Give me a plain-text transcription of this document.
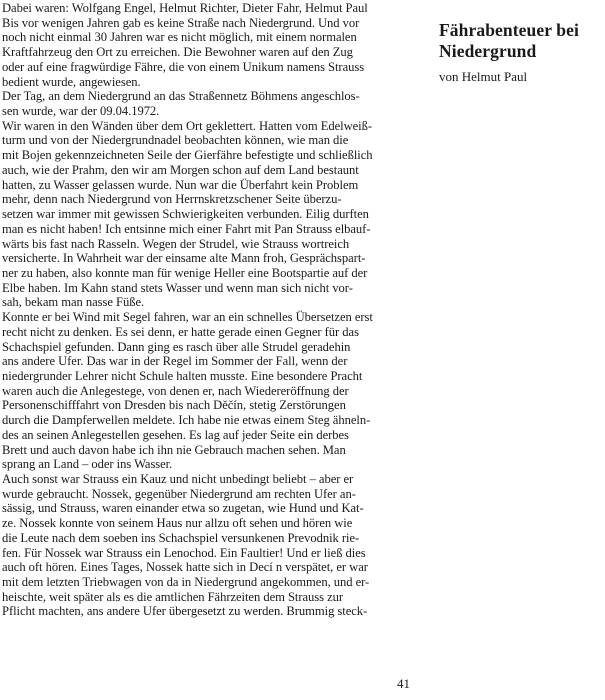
Dabei waren: Wolfgang Engel, Helmut Richter, Dieter Fahr, Helmut Paul
Bis vor wenigen Jahren gab es keine Straße nach Niedergrund. Und vor
noch nicht einmal 30 Jahren war es nicht möglich, mit einem normalen
Kraftfahrzeug den Ort zu erreichen. Die Bewohner waren auf den Zug
oder auf eine fragwürdige Fähre, die von einem Unikum namens Strauss
bedient wurde, angewiesen.
Der Tag, an dem Niedergrund an das Straßennetz Böhmens angeschlos-
sen wurde, war der 09.04.1972.
Wir waren in den Wänden über dem Ort geklettert. Hatten vom Edelweiß-
turm und von der Niedergrundnadel beobachten können, wie man die
mit Bojen gekennzeichneten Seile der Gierfähre befestigte und schließlich
auch, wie der Prahm, den wir am Morgen schon auf dem Land bestaunt
hatten, zu Wasser gelassen wurde. Nun war die Überfahrt kein Problem
mehr, denn nach Niedergrund von Herrnskretzschener Seite überzu-
setzen war immer mit gewissen Schwierigkeiten verbunden. Eilig durften
man es nicht haben! Ich entsinne mich einer Fahrt mit Pan Strauss elbauf-
wärts bis fast nach Rasseln. Wegen der Strudel, wie Strauss wortreich
versicherte. In Wahrheit war der einsame alte Mann froh, Gesprächspart-
ner zu haben, also konnte man für wenige Heller eine Bootspartie auf der
Elbe haben. Im Kahn stand stets Wasser und wenn man sich nicht vor-
sah, bekam man nasse Füße.
Konnte er bei Wind mit Segel fahren, war an ein schnelles Übersetzen erst
recht nicht zu denken. Es sei denn, er hatte gerade einen Gegner für das
Schachspiel gefunden. Dann ging es rasch über alle Strudel geradehin
ans andere Ufer. Das war in der Regel im Sommer der Fall, wenn der
niedergrunder Lehrer nicht Schule halten musste. Eine besondere Pracht
waren auch die Anlegestege, von denen er, nach Wiedereröffnung der
Personenschifffahrt von Dresden bis nach Děčín, stetig Zerstörungen
durch die Dampferwellen meldete. Ich habe nie etwas einem Steg ähneln-
des an seinen Anlegestellen gesehen. Es lag auf jeder Seite ein derbes
Brett und auch davon habe ich ihn nie Gebrauch machen sehen. Man
sprang an Land – oder ins Wasser.
Auch sonst war Strauss ein Kauz und nicht unbedingt beliebt – aber er
wurde gebraucht. Nossek, gegenüber Niedergrund am rechten Ufer an-
sässig, und Strauss, waren einander etwa so zugetan, wie Hund und Kat-
ze. Nossek konnte von seinem Haus nur allzu oft sehen und hören wie
die Leute nach dem soeben ins Schachspiel versunkenen Prevodnik rie-
fen. Für Nossek war Strauss ein Lenochod. Ein Faultier! Und er ließ dies
auch oft hören. Eines Tages, Nossek hatte sich in Decí n verspätet, er war
mit dem letzten Triebwagen von da in Niedergrund angekommen, und er-
heischte, weit später als es die amtlichen Fährzeiten dem Strauss zur
Pflicht machten, ans andere Ufer übergesetzt zu werden. Brummig steck-
Fährabenteuer bei
Niedergrund

von Helmut Paul

41
